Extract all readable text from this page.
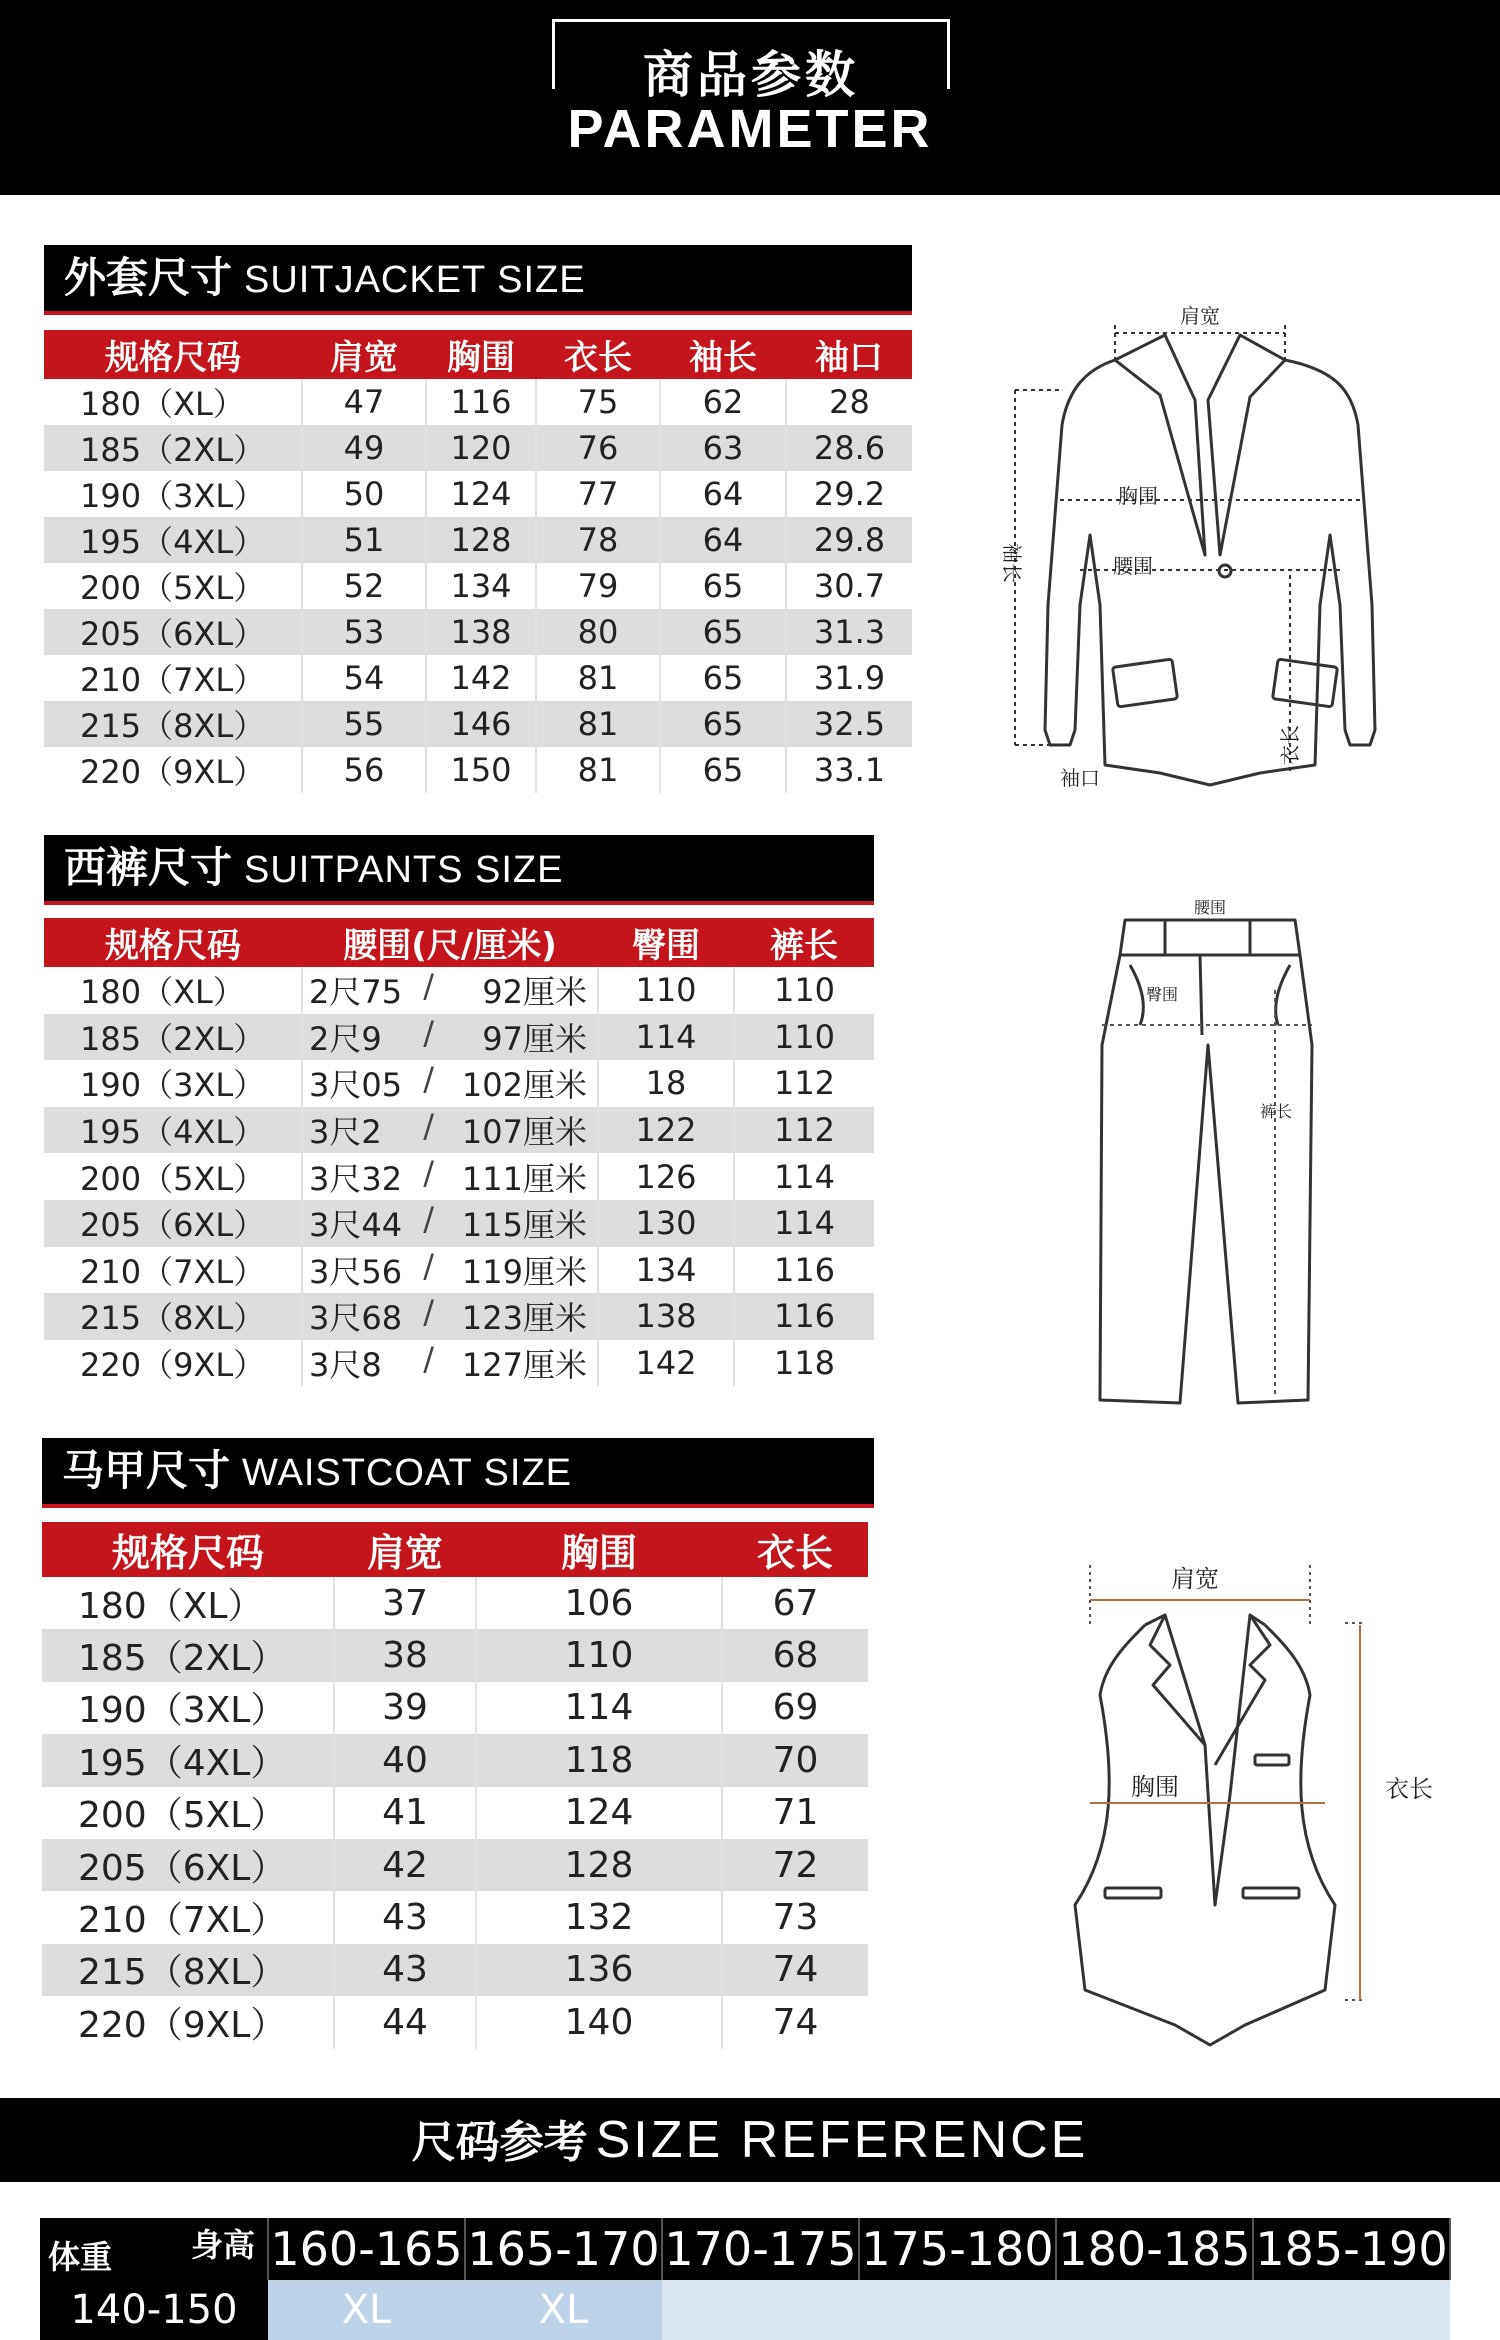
商品参数
PARAMETER
外套尺寸 SUITJACKET SIZE
规格尺码	肩宽	胸围	衣长	袖长	袖口
180（XL）	47	116	75	62	28
185（2XL）	49	120	76	63	28.6
190（3XL）	50	124	77	64	29.2
195（4XL）	51	128	78	64	29.8
200（5XL）	52	134	79	65	30.7
205（6XL）	53	138	80	65	31.3
210（7XL）	54	142	81	65	31.9
215（8XL）	55	146	81	65	32.5
220（9XL）	56	150	81	65	33.1
肩宽
胸围
腰围
袖长
衣长
袖口
西裤尺寸 SUITPANTS SIZE
规格尺码	腰围(尺/厘米)		臀围	裤长
180（XL）	2尺75 /	92厘米	110	110
185（2XL）	2尺9 /	97厘米	114	110
190（3XL）	3尺05 /	102厘米	18	112
195（4XL）	3尺2 /	107厘米	122	112
200（5XL）	3尺32 /	111厘米	126	114
205（6XL）	3尺44 /	115厘米	130	114
210（7XL）	3尺56 /	119厘米	134	116
215（8XL）	3尺68 /	123厘米	138	116
220（9XL）	3尺8 /	127厘米	142	118
腰围
臀围
裤长
马甲尺寸 WAISTCOAT SIZE
规格尺码	肩宽	胸围	衣长
180（XL）	37	106	67
185（2XL）	38	110	68
190（3XL）	39	114	69
195（4XL）	40	118	70
200（5XL）	41	124	71
205（6XL）	42	128	72
210（7XL）	43	132	73
215（8XL）	43	136	74
220（9XL）	44	140	74
肩宽
胸围	衣长
尺码参考 SIZE REFERENCE
身高
体重	160-165	165-170	170-175	175-180	180-185	185-190
140-150	XL	XL				
